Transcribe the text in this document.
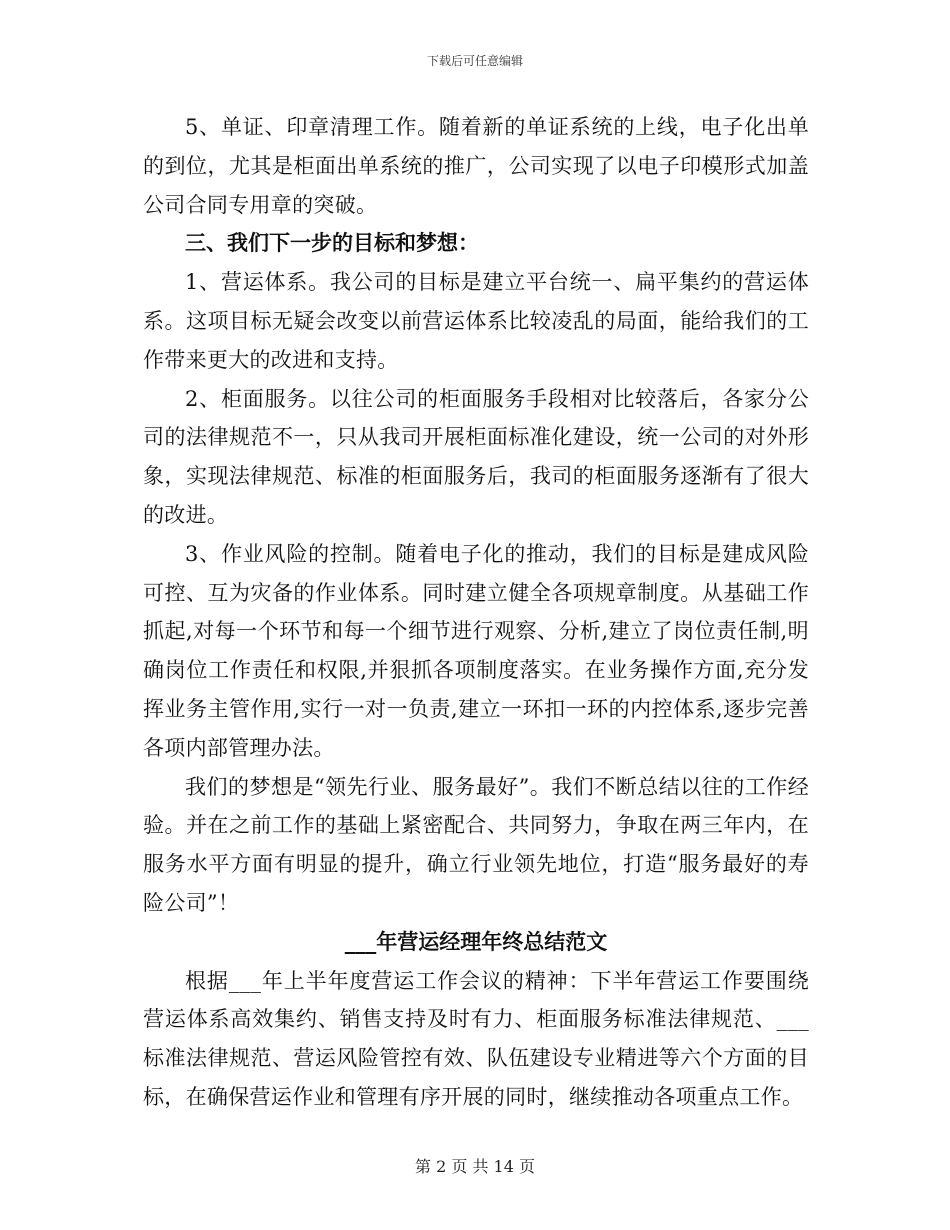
下载后可任意编辑

5、单证、印章清理工作。随着新的单证系统的上线，电子化出单的到位，尤其是柜面出单系统的推广，公司实现了以电子印模形式加盖公司合同专用章的突破。

三、我们下一步的目标和梦想：

1、营运体系。我公司的目标是建立平台统一、扁平集约的营运体系。这项目标无疑会改变以前营运体系比较凌乱的局面，能给我们的工作带来更大的改进和支持。

2、柜面服务。以往公司的柜面服务手段相对比较落后，各家分公司的法律规范不一，只从我司开展柜面标准化建设，统一公司的对外形象，实现法律规范、标准的柜面服务后，我司的柜面服务逐渐有了很大的改进。

3、作业风险的控制。随着电子化的推动，我们的目标是建成风险可控、互为灾备的作业体系。同时建立健全各项规章制度。从基础工作抓起,对每一个环节和每一个细节进行观察、分析,建立了岗位责任制,明确岗位工作责任和权限,并狠抓各项制度落实。在业务操作方面,充分发挥业务主管作用,实行一对一负责,建立一环扣一环的内控体系,逐步完善各项内部管理办法。

我们的梦想是“领先行业、服务最好”。我们不断总结以往的工作经验。并在之前工作的基础上紧密配合、共同努力，争取在两三年内，在服务水平方面有明显的提升，确立行业领先地位，打造“服务最好的寿险公司”！

___年营运经理年终总结范文

根据___年上半年度营运工作会议的精神：下半年营运工作要围绕营运体系高效集约、销售支持及时有力、柜面服务标准法律规范、___标准法律规范、营运风险管控有效、队伍建设专业精进等六个方面的目标，在确保营运作业和管理有序开展的同时，继续推动各项重点工作。

第 2 页 共 14 页
